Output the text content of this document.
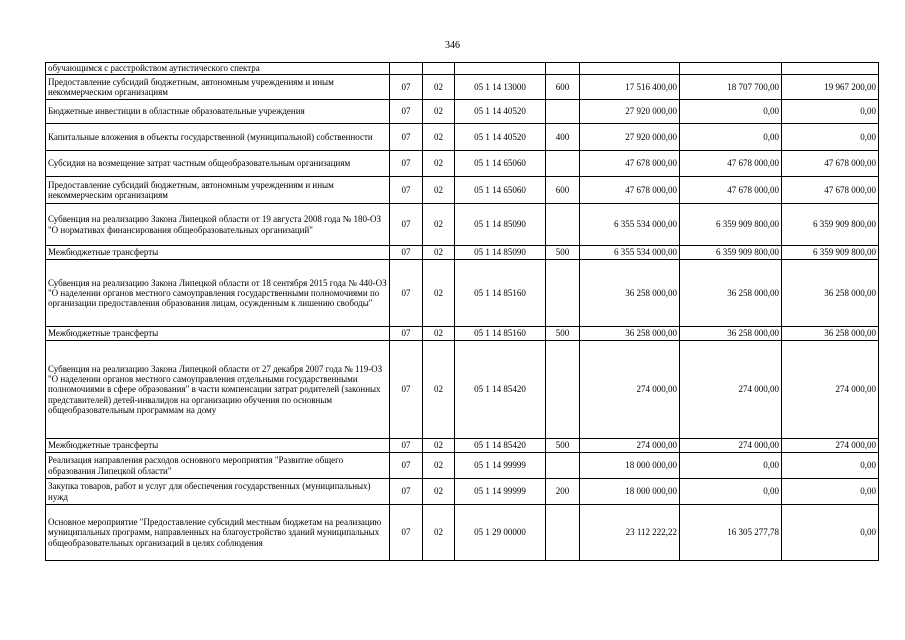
346
обучающимся с расстройством аутистического спектра							
Предоставление субсидий бюджетным, автономным учреждениям и иным некоммерческим организациям	07	02	05 1 14 13000	600	17 516 400,00	18 707 700,00	19 967 200,00
Бюджетные инвестиции в областные образовательные учреждения	07	02	05 1 14 40520		27 920 000,00	0,00	0,00
Капитальные вложения в объекты государственной (муниципальной) собственности	07	02	05 1 14 40520	400	27 920 000,00	0,00	0,00
Субсидия на возмещение затрат частным общеобразовательным организациям	07	02	05 1 14 65060		47 678 000,00	47 678 000,00	47 678 000,00
Предоставление субсидий бюджетным, автономным учреждениям и иным некоммерческим организациям	07	02	05 1 14 65060	600	47 678 000,00	47 678 000,00	47 678 000,00
Субвенция на реализацию Закона Липецкой области от 19 августа 2008 года № 180-ОЗ "О нормативах финансирования общеобразовательных организаций"	07	02	05 1 14 85090		6 355 534 000,00	6 359 909 800,00	6 359 909 800,00
Межбюджетные трансферты	07	02	05 1 14 85090	500	6 355 534 000,00	6 359 909 800,00	6 359 909 800,00
Субвенция на реализацию Закона Липецкой области от 18 сентября 2015 года № 440-ОЗ "О наделении органов местного самоуправления государственными полномочиями по организации предоставления образования лицам, осужденным к лишению свободы"	07	02	05 1 14 85160		36 258 000,00	36 258 000,00	36 258 000,00
Межбюджетные трансферты	07	02	05 1 14 85160	500	36 258 000,00	36 258 000,00	36 258 000,00
Субвенция на реализацию Закона Липецкой области от 27 декабря 2007 года № 119-ОЗ "О наделении органов местного самоуправления отдельными государственными полномочиями в сфере образования" в части компенсации затрат родителей (законных представителей) детей-инвалидов на организацию обучения по основным общеобразовательным программам на дому	07	02	05 1 14 85420		274 000,00	274 000,00	274 000,00
Межбюджетные трансферты	07	02	05 1 14 85420	500	274 000,00	274 000,00	274 000,00
Реализация направления расходов основного мероприятия "Развитие общего образования Липецкой области"	07	02	05 1 14 99999		18 000 000,00	0,00	0,00
Закупка товаров, работ и услуг для обеспечения государственных (муниципальных) нужд	07	02	05 1 14 99999	200	18 000 000,00	0,00	0,00
Основное мероприятие "Предоставление субсидий местным бюджетам на реализацию муниципальных программ, направленных на благоустройство зданий муниципальных общеобразовательных организаций в целях соблюдения	07	02	05 1 29 00000		23 112 222,22	16 305 277,78	0,00
